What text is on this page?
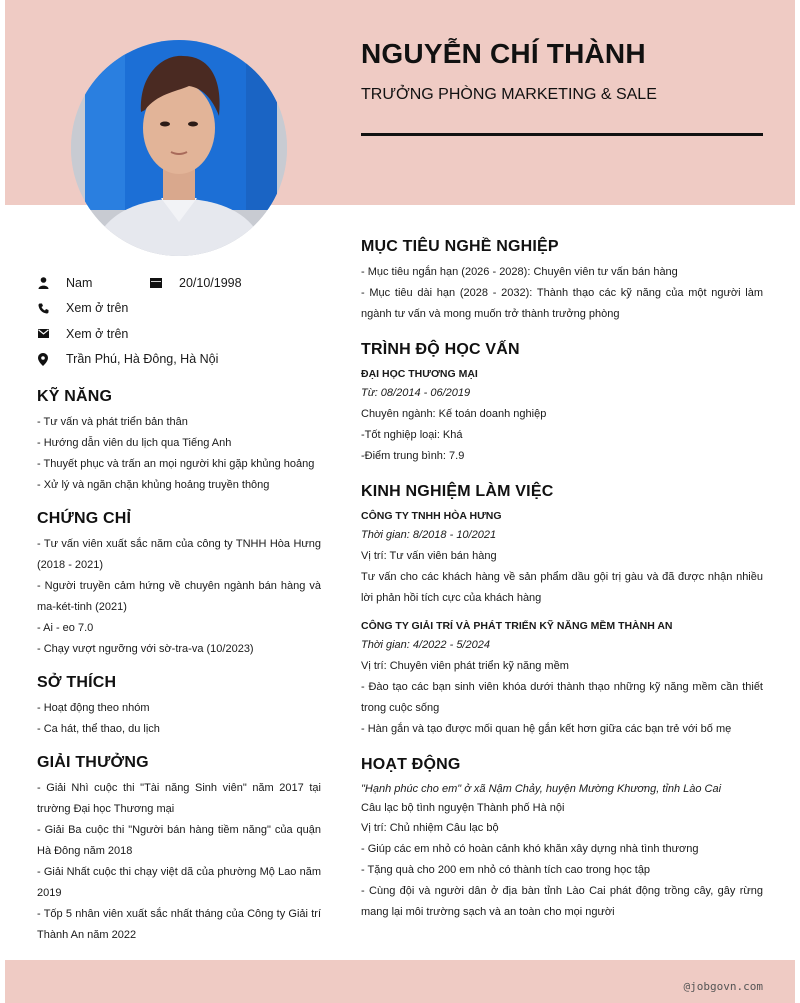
NGUYỄN CHÍ THÀNH
TRƯỞNG PHÒNG MARKETING & SALE
Nam	20/10/1998
Xem ở trên
Xem ở trên
Trần Phú, Hà Đông, Hà Nội
KỸ NĂNG
- Tư vấn và phát triển bản thân
- Hướng dẫn viên du lịch qua Tiếng Anh
- Thuyết phục và trấn an mọi người khi gặp khủng hoảng
- Xử lý và ngăn chặn khủng hoảng truyền thông
CHỨNG CHỈ
- Tư vấn viên xuất sắc năm của công ty TNHH Hòa Hưng (2018 - 2021)
- Người truyền cảm hứng về chuyên ngành bán hàng và ma-két-tinh (2021)
- Ai - eo 7.0
- Chạy vượt ngưỡng với sờ-tra-va (10/2023)
SỞ THÍCH
- Hoạt động theo nhóm
- Ca hát, thể thao, du lịch
GIẢI THƯỞNG
- Giải Nhì cuộc thi "Tài năng Sinh viên" năm 2017 tại trường Đại học Thương mại
- Giải Ba cuộc thi "Người bán hàng tiềm năng" của quận Hà Đông năm 2018
- Giải Nhất cuộc thi chạy việt dã của phường Mộ Lao năm 2019
- Tốp 5 nhân viên xuất sắc nhất tháng của Công ty Giải trí Thành An năm 2022
MỤC TIÊU NGHỀ NGHIỆP
- Mục tiêu ngắn hạn (2026 - 2028): Chuyên viên tư vấn bán hàng
- Mục tiêu dài hạn (2028 - 2032): Thành thạo các kỹ năng của một người làm ngành tư vấn và mong muốn trở thành trưởng phòng
TRÌNH ĐỘ HỌC VẤN
ĐẠI HỌC THƯƠNG MẠI
Từ: 08/2014 - 06/2019
Chuyên ngành: Kế toán doanh nghiệp
-Tốt nghiệp loại: Khá
-Điểm trung bình: 7.9
KINH NGHIỆM LÀM VIỆC
CÔNG TY TNHH HÒA HƯNG
Thời gian: 8/2018 - 10/2021
Vị trí: Tư vấn viên bán hàng
Tư vấn cho các khách hàng về sản phẩm dầu gội trị gàu và đã được nhận nhiều lời phản hồi tích cực của khách hàng
CÔNG TY GIẢI TRÍ VÀ PHÁT TRIỂN KỸ NĂNG MỀM THÀNH AN
Thời gian: 4/2022 - 5/2024
Vị trí: Chuyên viên phát triển kỹ năng mềm
- Đào tạo các bạn sinh viên khóa dưới thành thạo những kỹ năng mềm cần thiết trong cuộc sống
- Hàn gắn và tạo được mối quan hệ gắn kết hơn giữa các bạn trẻ với bố mẹ
HOẠT ĐỘNG
"Hạnh phúc cho em" ở xã Nậm Chảy, huyện Mường Khương, tỉnh Lào Cai
Câu lạc bộ tình nguyện Thành phố Hà nội
Vị trí: Chủ nhiệm Câu lạc bộ
- Giúp các em nhỏ có hoàn cảnh khó khăn xây dựng nhà tình thương
- Tặng quà cho 200 em nhỏ có thành tích cao trong học tập
- Cùng đội và người dân ở địa bàn tỉnh Lào Cai phát động trồng cây, gây rừng mang lại môi trường sạch và an toàn cho mọi người
@jobgovn.com
